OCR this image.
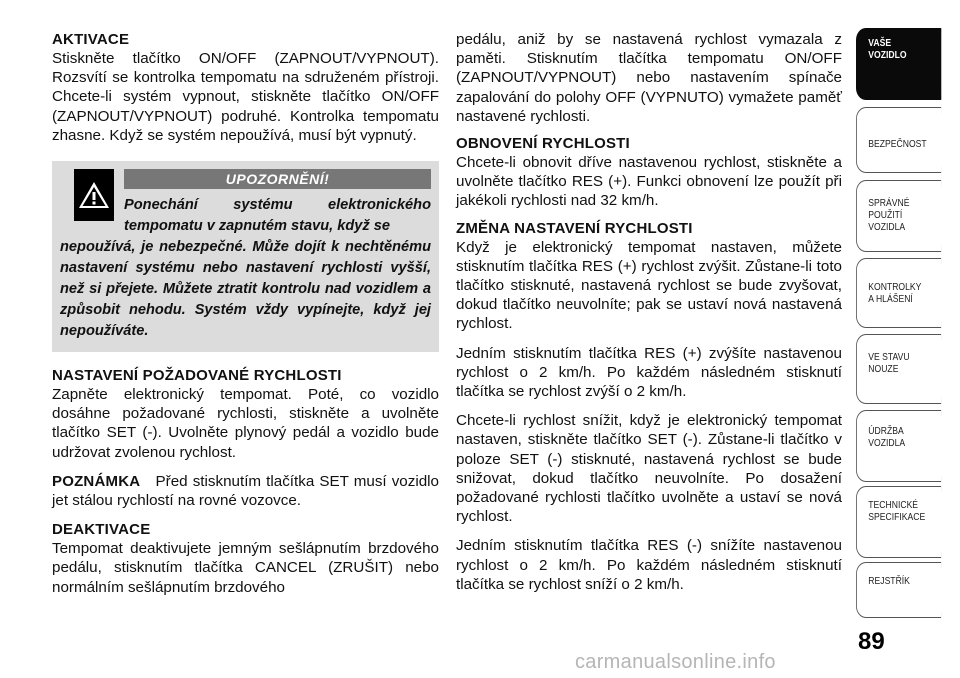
AKTIVACE

Stiskněte tlačítko ON/OFF (ZAPNOUT/VYPNOUT). Rozsvítí se kontrolka tempomatu na sdruženém přístroji. Chcete-li systém vypnout, stiskněte tlačítko ON/OFF (ZAPNOUT/VYPNOUT) podruhé. Kontrolka tempomatu zhasne. Když se systém nepoužívá, musí být vypnutý.

UPOZORNĚNÍ!

Ponechání systému elektronického tempomatu v zapnutém stavu, když se

nepoužívá, je nebezpečné. Může dojít k nechtěnému nastavení systému nebo nastavení rychlosti vyšší, než si přejete. Můžete ztratit kontrolu nad vozidlem a způsobit nehodu. Systém vždy vypínejte, když jej nepoužíváte.

NASTAVENÍ POŽADOVANÉ RYCHLOSTI

Zapněte elektronický tempomat. Poté, co vozidlo dosáhne požadované rychlosti, stiskněte a uvolněte tlačítko SET (-). Uvolněte plynový pedál a vozidlo bude udržovat zvolenou rychlost.

POZNÁMKA Před stisknutím tlačítka SET musí vozidlo jet stálou rychlostí na rovné vozovce.

DEAKTIVACE

Tempomat deaktivujete jemným sešlápnutím brzdového pedálu, stisknutím tlačítka CANCEL (ZRUŠIT) nebo normálním sešlápnutím brzdového

pedálu, aniž by se nastavená rychlost vymazala z paměti. Stisknutím tlačítka tempomatu ON/OFF (ZAPNOUT/VYPNOUT) nebo nastavením spínače zapalování do polohy OFF (VYPNUTO) vymažete paměť nastavené rychlosti.

OBNOVENÍ RYCHLOSTI

Chcete-li obnovit dříve nastavenou rychlost, stiskněte a uvolněte tlačítko RES (+). Funkci obnovení lze použít při jakékoli rychlosti nad 32 km/h.

ZMĚNA NASTAVENÍ RYCHLOSTI

Když je elektronický tempomat nastaven, můžete stisknutím tlačítka RES (+) rychlost zvýšit. Zůstane-li toto tlačítko stisknuté, nastavená rychlost se bude zvyšovat, dokud tlačítko neuvolníte; pak se ustaví nová nastavená rychlost.

Jedním stisknutím tlačítka RES (+) zvýšíte nastavenou rychlost o 2 km/h. Po každém následném stisknutí tlačítka se rychlost zvýší o 2 km/h.

Chcete-li rychlost snížit, když je elektronický tempomat nastaven, stiskněte tlačítko SET (-). Zůstane-li tlačítko v poloze SET (-) stisknuté, nastavená rychlost se bude snižovat, dokud tlačítko neuvolníte. Po dosažení požadované rychlosti tlačítko uvolněte a ustaví se nová rychlost.

Jedním stisknutím tlačítka RES (-) snížíte nastavenou rychlost o 2 km/h. Po každém následném stisknutí tlačítka se rychlost sníží o 2 km/h.

VAŠE
VOZIDLO
BEZPEČNOST
SPRÁVNÉ
POUŽITÍ
VOZIDLA
KONTROLKY
A HLÁŠENÍ
VE STAVU
NOUZE
ÚDRŽBA
VOZIDLA
TECHNICKÉ
SPECIFIKACE
REJSTŘÍK
89
carmanualsonline.info
